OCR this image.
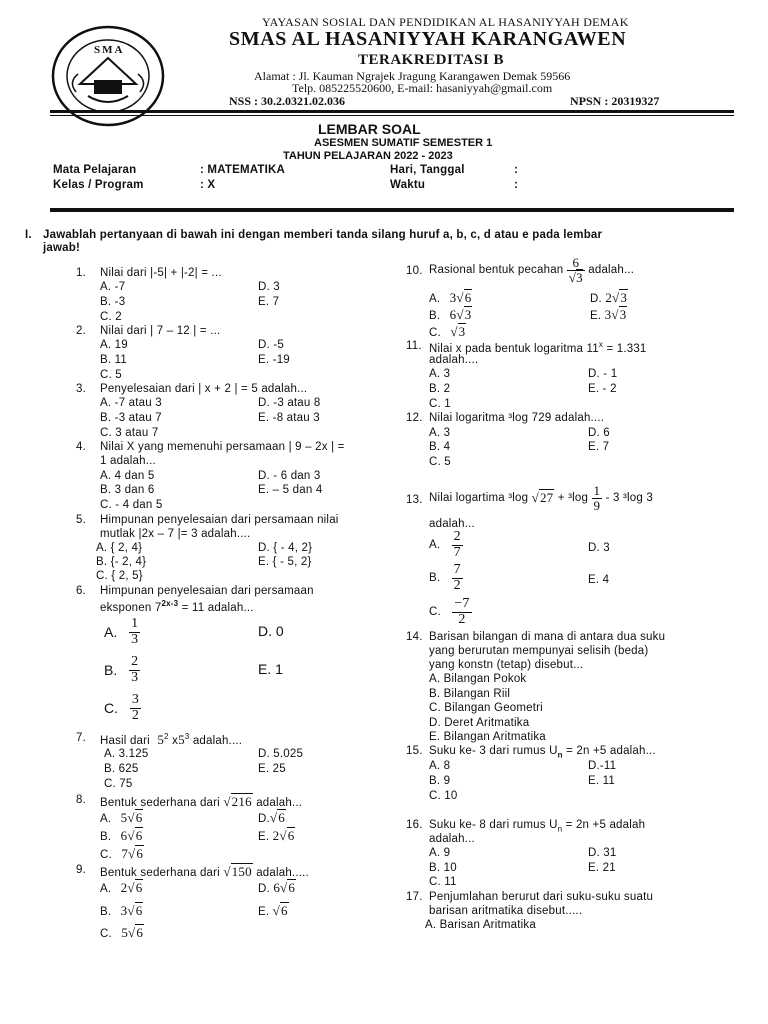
SMA
YAYASAN SOSIAL DAN PENDIDIKAN AL HASANIYYAH DEMAK
SMAS AL HASANIYYAH KARANGAWEN
TERAKREDITASI B
Alamat : Jl. Kauman Ngrajek Jragung Karangawen Demak 59566
Telp. 085225520600, E-mail: hasaniyyah@gmail.com
NSS : 30.2.0321.02.036	NPSN : 20319327
LEMBAR SOAL
ASESMEN SUMATIF SEMESTER 1
TAHUN PELAJARAN 2022 - 2023
Mata Pelajaran	: MATEMATIKA	Hari, Tanggal	:
Kelas / Program	: X	Waktu	:
I. Jawablah pertanyaan di bawah ini dengan memberi tanda silang huruf a, b, c, d atau e pada lembar
jawab!
1. Nilai dari |-5| + |-2| = ...
A. -7	D. 3
B. -3	E. 7
C. 2
2. Nilai dari | 7 – 12 | = ...
A. 19	D. -5
B. 11	E. -19
C. 5
3. Penyelesaian dari | x + 2 | = 5 adalah...
A. -7 atau 3	D. -3 atau 8
B. -3 atau 7	E. -8 atau 3
C. 3 atau 7
4. Nilai X yang memenuhi persamaan | 9 – 2x | =
1 adalah...
A. 4 dan 5	D. - 6 dan 3
B. 3 dan 6	E. – 5 dan 4
C. - 4 dan 5
5. Himpunan penyelesaian dari persamaan nilai
mutlak |2x – 7 |= 3 adalah....
A. { 2, 4}	D. { - 4, 2}
B. {- 2, 4}	E. { - 5, 2}
C. { 2, 5}
6. Himpunan penyelesaian dari persamaan
eksponen $7^{2x-3} = 11$ adalah...
A. $\frac{1}{3}$	D. 0
B. $\frac{2}{3}$	E. 1
C. $\frac{3}{2}$
7. Hasil dari $5^2$ $x5^3$ adalah....
A. 3.125	D. 5.025
B. 625	E. 25
C. 75
8. Bentuk sederhana dari √216 adalah...
A. 5√6	D.√6
B. 6√6	E. 2√6
C. 7√6
9. Bentuk sederhana dari √150 adalah.....
A. 2√6	D. 6√6
B. 3√6	E. √6
C. 5√6
10. Rasional bentuk pecahan $\frac{6}{√3}$ adalah...
A. 3√6	D. 2√3
B. 6√3	E. 3√3
C. √3
11. Nilai x pada bentuk logaritma $11^x = 1.331$
adalah....
A. 3	D. - 1
B. 2	E. - 2
C. 1
12. Nilai logaritma ³log 729 adalah....
A. 3	D. 6
B. 4	E. 7
C. 5
13. Nilai logartima ³log $√27 + ^3\log \frac{1}{9} - 3$ ³log 3
adalah...
A. $\frac{2}{7}$	D. 3
B. $\frac{7}{2}$	E. 4
C. $\frac{-7}{2}$
14. Barisan bilangan di mana di antara dua suku
yang berurutan mempunyai selisih (beda)
yang konstn (tetap) disebut...
A. Bilangan Pokok
B. Bilangan Riil
C. Bilangan Geometri
D. Deret Aritmatika
E. Bilangan Aritmatika
15. Suku ke- 3 dari rumus $U_n = 2n +5$ adalah...
A. 8	D.-11
B. 9	E. 11
C. 10
16. Suku ke- 8 dari rumus $U_n = 2n +5$ adalah
adalah...
A. 9	D. 31
B. 10	E. 21
C. 11
17. Penjumlahan berurut dari suku-suku suatu
barisan aritmatika disebut.....
A. Barisan Aritmatika
